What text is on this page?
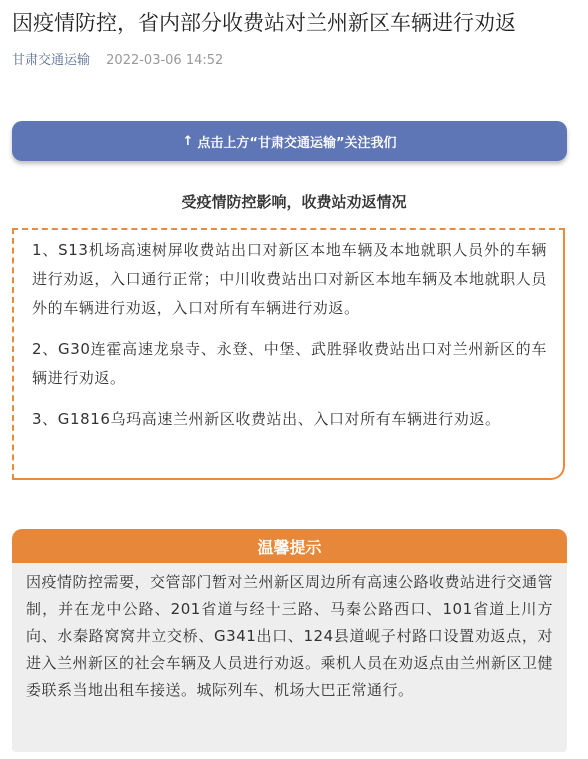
因疫情防控，省内部分收费站对兰州新区车辆进行劝返
甘肃交通运输 2022-03-06 14:52
↑ 点击上方“甘肃交通运输”关注我们
受疫情防控影响，收费站劝返情况

1、S13机场高速树屏收费站出口对新区本地车辆及本地就职人员外的车辆进行劝返，入口通行正常；中川收费站出口对新区本地车辆及本地就职人员外的车辆进行劝返，入口对所有车辆进行劝返。

2、G30连霍高速龙泉寺、永登、中堡、武胜驿收费站出口对兰州新区的车辆进行劝返。

3、G1816乌玛高速兰州新区收费站出、入口对所有车辆进行劝返。

温馨提示

因疫情防控需要，交管部门暂对兰州新区周边所有高速公路收费站进行交通管制，并在龙中公路、201省道与经十三路、马秦公路西口、101省道上川方向、水秦路窝窝井立交桥、G341出口、124县道岘子村路口设置劝返点，对进入兰州新区的社会车辆及人员进行劝返。乘机人员在劝返点由兰州新区卫健委联系当地出租车接送。城际列车、机场大巴正常通行。
